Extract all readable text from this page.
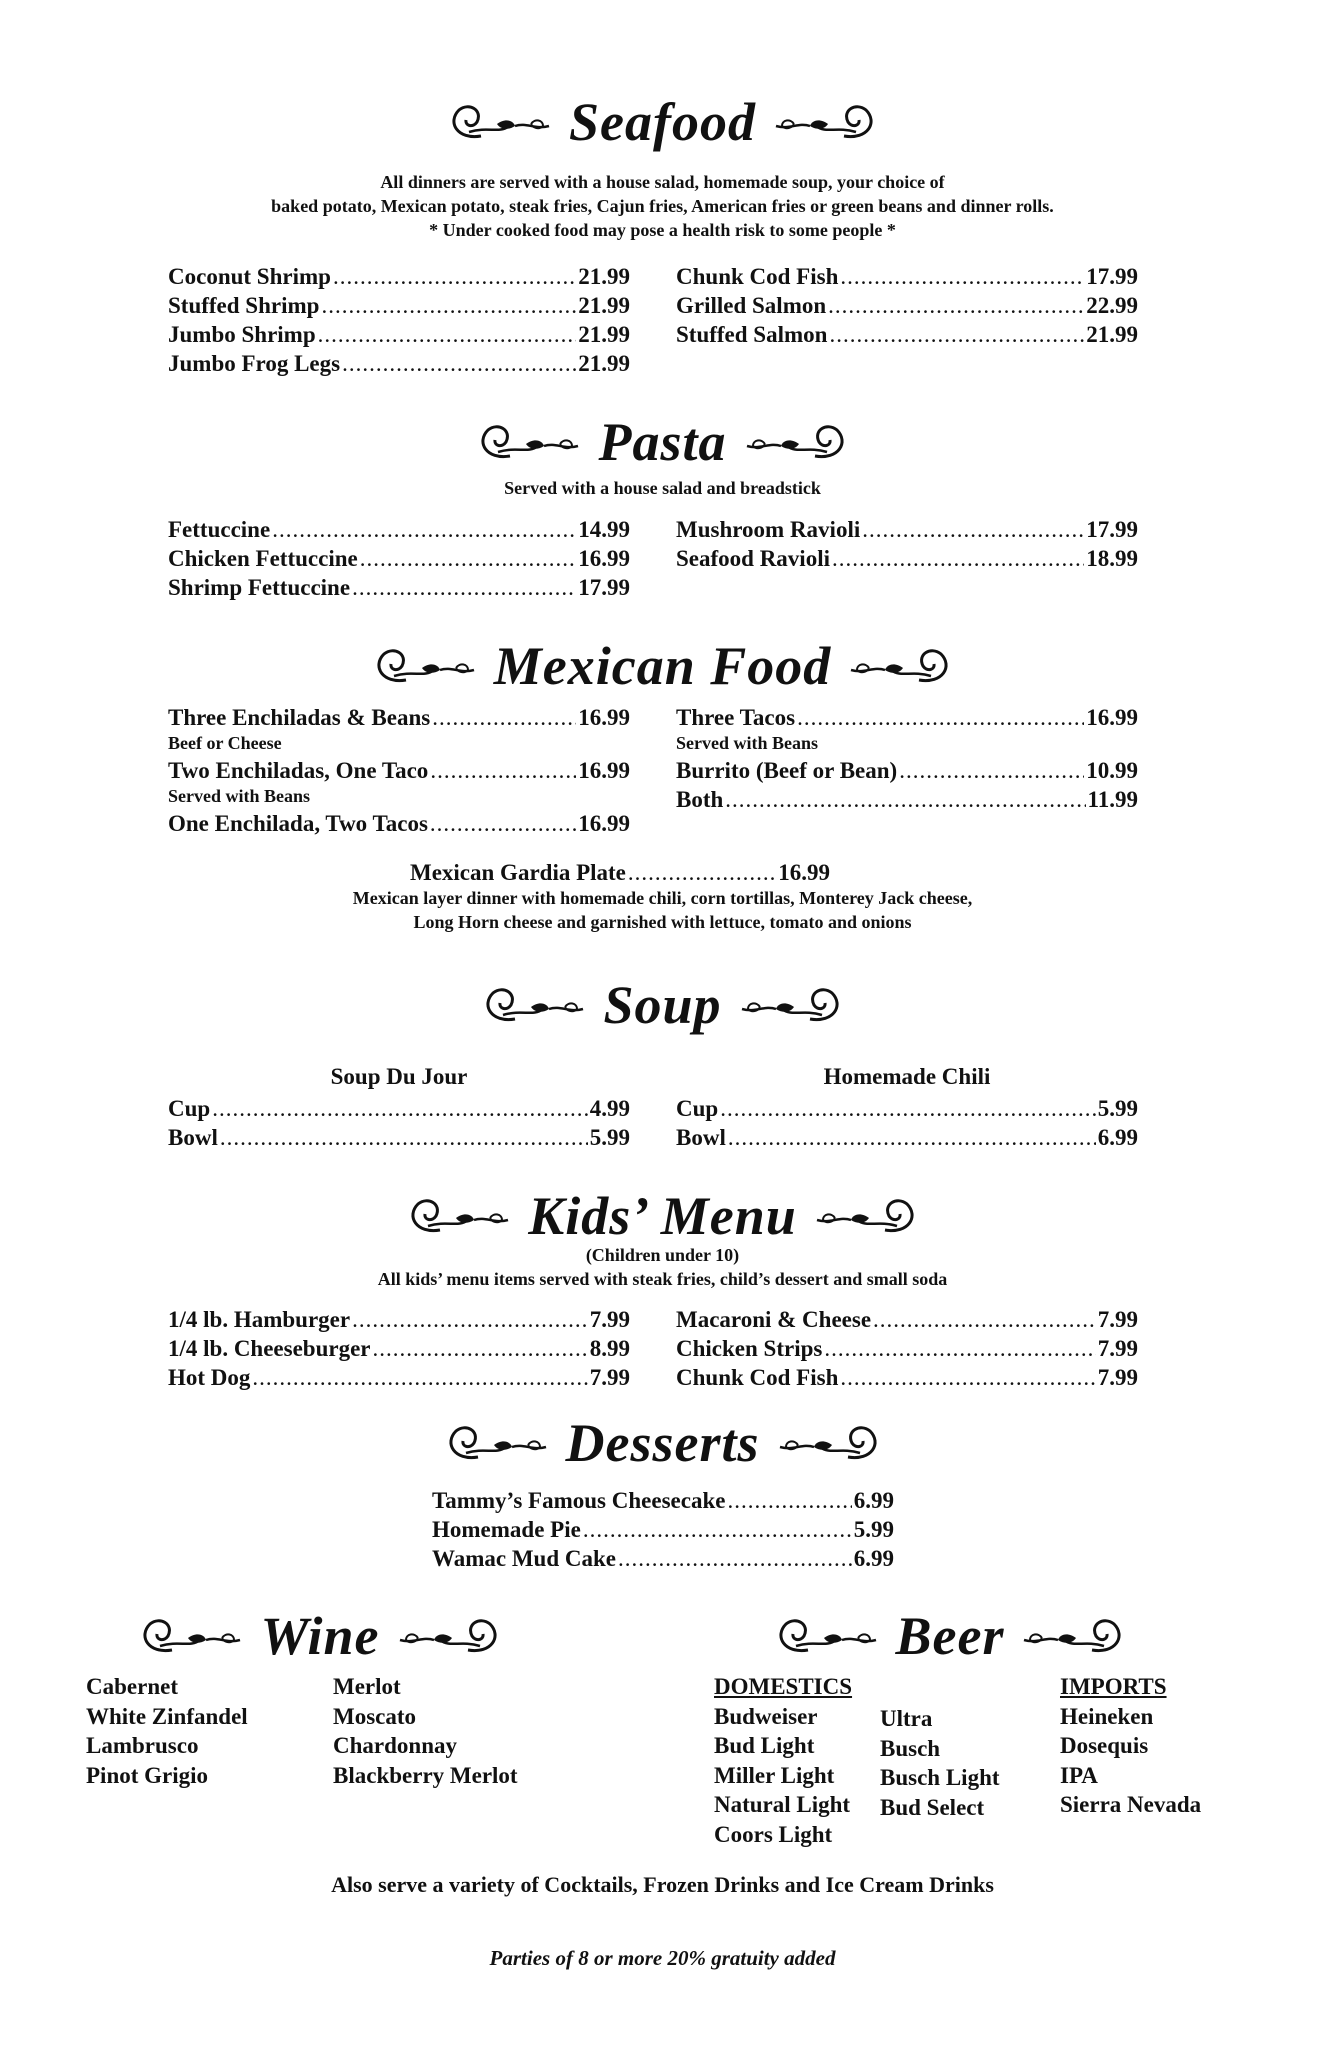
Seafood
All dinners are served with a house salad, homemade soup, your choice of
baked potato, Mexican potato, steak fries, Cajun fries, American fries or green beans and dinner rolls.
* Under cooked food may pose a health risk to some people *
Coconut Shrimp .....	21.99
Stuffed Shrimp .....	21.99
Jumbo Shrimp .....	21.99
Jumbo Frog Legs .....	21.99
Chunk Cod Fish .....	17.99
Grilled Salmon .....	22.99
Stuffed Salmon .....	21.99
Pasta
Served with a house salad and breadstick
Fettuccine .....	14.99
Chicken Fettuccine .....	16.99
Shrimp Fettuccine .....	17.99
Mushroom Ravioli .....	17.99
Seafood Ravioli .....	18.99
Mexican Food
Three Enchiladas & Beans .....	16.99
Beef or Cheese
Two Enchiladas, One Taco .....	16.99
Served with Beans
One Enchilada, Two Tacos .....	16.99
Three Tacos .....	16.99
Served with Beans
Burrito (Beef or Bean) .....	10.99
Both .....	11.99
Mexican Gardia Plate .....	16.99
Mexican layer dinner with homemade chili, corn tortillas, Monterey Jack cheese,
Long Horn cheese and garnished with lettuce, tomato and onions
Soup
Soup Du Jour	Homemade Chili
Cup .....	4.99
Bowl .....	5.99
Cup .....	5.99
Bowl .....	6.99
Kids’ Menu
(Children under 10)
All kids’ menu items served with steak fries, child’s dessert and small soda
1/4 lb. Hamburger .....	7.99
1/4 lb. Cheeseburger .....	8.99
Hot Dog .....	7.99
Macaroni & Cheese .....	7.99
Chicken Strips .....	7.99
Chunk Cod Fish .....	7.99
Desserts
Tammy’s Famous Cheesecake .....	6.99
Homemade Pie .....	5.99
Wamac Mud Cake .....	6.99
Wine
Cabernet
White Zinfandel
Lambrusco
Pinot Grigio
Merlot
Moscato
Chardonnay
Blackberry Merlot
Beer
DOMESTICS
Budweiser
Bud Light
Miller Light
Natural Light
Coors Light
Ultra
Busch
Busch Light
Bud Select
IMPORTS
Heineken
Dosequis
IPA
Sierra Nevada
Also serve a variety of Cocktails, Frozen Drinks and Ice Cream Drinks
Parties of 8 or more 20% gratuity added
